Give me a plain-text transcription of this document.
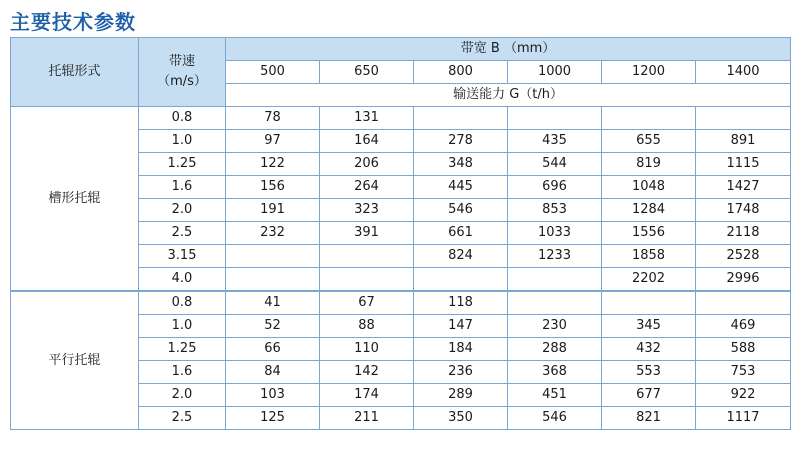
主要技术参数
托辊形式	带速
（m/s）	带宽 B （mm）					
		500	650	800	1000	1200	1400
		输送能力 G（t/h）					
槽形托辊	0.8	78	131				
	1.0	97	164	278	435	655	891
	1.25	122	206	348	544	819	1115
	1.6	156	264	445	696	1048	1427
	2.0	191	323	546	853	1284	1748
	2.5	232	391	661	1033	1556	2118
	3.15			824	1233	1858	2528
	4.0					2202	2996
平行托辊	0.8	41	67	118			
	1.0	52	88	147	230	345	469
	1.25	66	110	184	288	432	588
	1.6	84	142	236	368	553	753
	2.0	103	174	289	451	677	922
	2.5	125	211	350	546	821	1117
